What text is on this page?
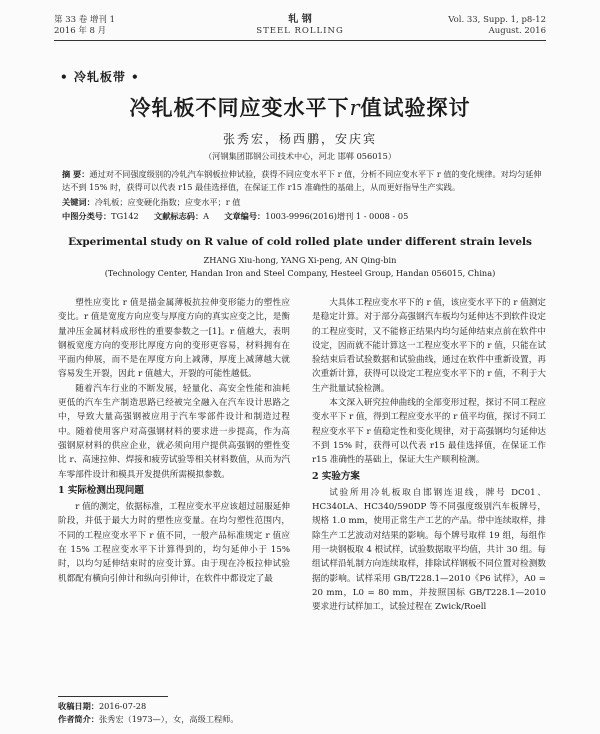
第 33 卷 增刊 1
2016 年 8 月
轧 钢
STEEL ROLLING
Vol. 33, Supp. 1, p8-12
August. 2016
• 冷轧板带 •
冷轧板不同应变水平下r值试验探讨
张秀宏，杨西鹏，安庆宾
（河钢集团邯钢公司技术中心，河北 邯郸 056015）
摘 要：通过对不同强度级别的冷轧汽车钢板拉伸试验，获得不同应变水平下 r 值，分析不同应变水平下 r 值的变化规律。对均匀延伸达不到 15% 时，获得可以代表 r15 最佳选择值，在保证工作 r15 准确性的基础上，从而更好指导生产实践。
关键词：冷轧板；应变硬化指数；应变水平；r 值
中图分类号：TG142 文献标志码：A 文章编号：1003-9996(2016)增刊 1 - 0008 - 05
Experimental study on R value of cold rolled plate under different strain levels
ZHANG Xiu-hong, YANG Xi-peng, AN Qing-bin
(Technology Center, Handan Iron and Steel Company, Hesteel Group, Handan 056015, China)

塑性应变比 r 值是描金属薄板抗拉伸变形能力的塑性应变比。r 值是宽度方向应变与厚度方向的真实应变之比，是衡量冲压金属材料成形性的重要参数之一[1]。r 值越大，表明钢板宽度方向的变形比厚度方向的变形更容易，材料拥有在平面内伸展，而不是在厚度方向上减薄，厚度上减薄越大就容易发生开裂，因此 r 值越大，开裂的可能性越低。

随着汽车行业的不断发展，轻量化、高安全性能和油耗更低的汽车生产制造思路已经被完全融入在汽车设计思路之中，导致大量高强钢被应用于汽车零部件设计和制造过程中。随着使用客户对高强钢材料的要求进一步提高，作为高强钢原材料的供应企业，就必须向用户提供高强钢的塑性变比 r、高速拉伸、焊接和疲劳试验等相关材料数值，从而为汽车零部件设计和模具开发提供所需模拟参数。

1 实际检测出现问题

r 值的测定，依据标准，工程应变水平应该超过屈服延伸阶段，并低于最大力时的塑性应变量。在均匀塑性范围内，不同的工程应变水平下 r 值不同，一般产品标准规定 r 值应在 15% 工程应变水平下计算得到的，均匀延伸小于 15% 时，以均匀延伸结束时的应变计算。由于现在冷板拉伸试验机都配有横向引伸计和纵向引伸计，在软件中都设定了最

大具体工程应变水平下的 r 值，该应变水平下的 r 值测定是稳定计算。对于部分高强钢汽车板均匀延伸达不到软件设定的工程应变时，又不能修正结果内均匀延伸结束点前在软件中设定，因而就不能计算这一工程应变水平下的 r 值，只能在试验结束后看试验数据和试验曲线，通过在软件中重新设置，再次重新计算，获得可以设定工程应变水平下的 r 值，不利于大生产批量试验检测。

本文深入研究拉伸曲线的全部变形过程，探讨不同工程应变水平下 r 值，得到工程应变水平的 r 值平均值，探讨不同工程应变水平下 r 值稳定性和变化规律，对于高强钢均匀延伸达不到 15% 时，获得可以代表 r15 最佳选择值，在保证工作 r15 准确性的基础上，保证大生产顺利检测。

2 实验方案

试验所用冷轧板取自邯钢连退线，牌号 DC01、HC340LA、HC340/590DP 等不同强度级别汽车板牌号，规格 1.0 mm，使用正常生产工艺的产品。带中连续取样，排除生产工艺波动对结果的影响。每个牌号取样 19 组，每组作用一块钢板取 4 根试样，试验数据取平均值，共计 30 组。每组试样沿轧制方向连续取样，排除试样钢板不同位置对检测数据的影响。试样采用 GB/T228.1—2010《P6 试样》，A0 = 20 mm，L0 = 80 mm，并按照国标 GB/T228.1—2010 要求进行试样加工，试验过程在 Zwick/Roell

收稿日期：2016-07-28
作者简介：张秀宏（1973—），女，高级工程师。
